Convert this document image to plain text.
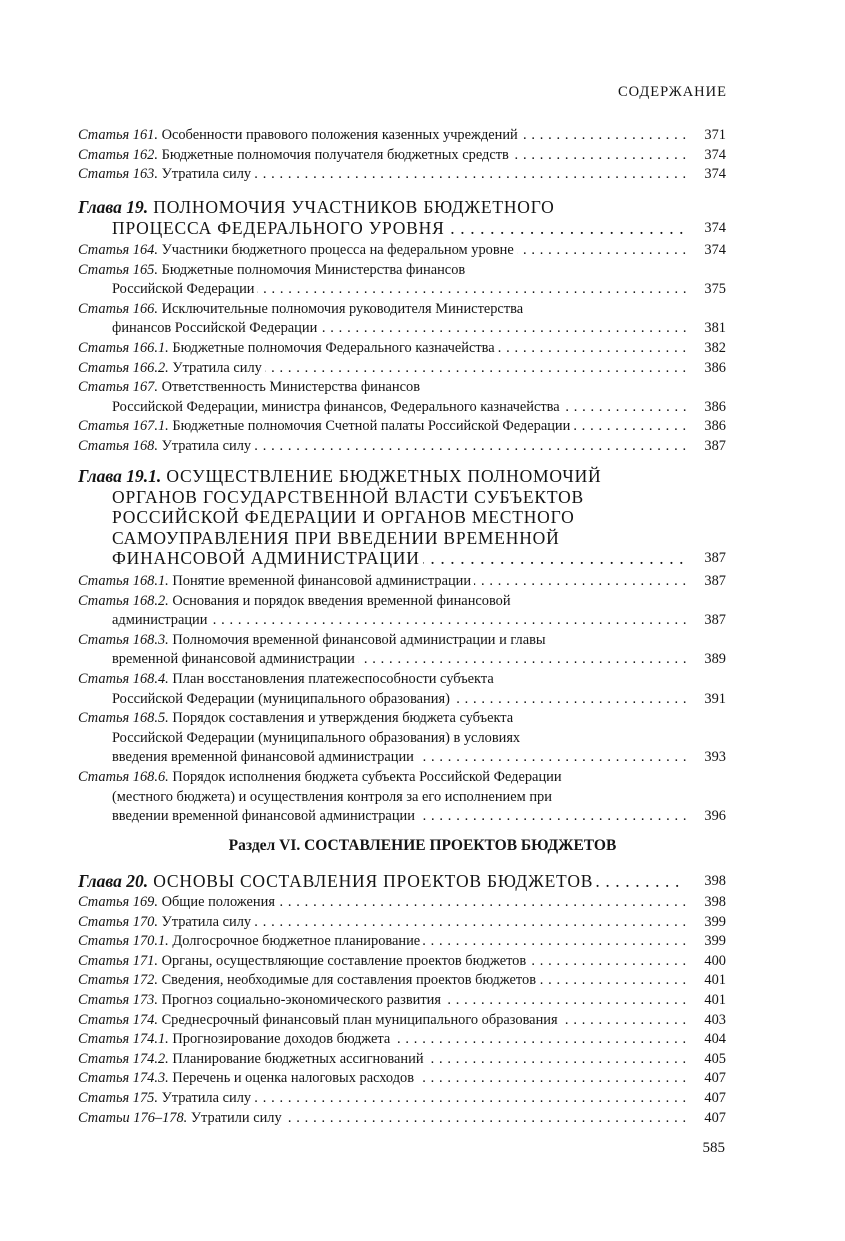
СОДЕРЖАНИЕ
Статья 161. Особенности правового положения казенных учреждений . . .	371
Статья 162. Бюджетные полномочия получателя бюджетных средств . . .	374
Статья 163. Утратила силу . . .	374
Глава 19. ПОЛНОМОЧИЯ УЧАСТНИКОВ БЮДЖЕТНОГО
ПРОЦЕССА ФЕДЕРАЛЬНОГО УРОВНЯ . . .	374
Статья 164. Участники бюджетного процесса на федеральном уровне . . .	374
Статья 165. Бюджетные полномочия Министерства финансов
Российской Федерации . . .	375
Статья 166. Исключительные полномочия руководителя Министерства
финансов Российской Федерации . . .	381
Статья 166.1. Бюджетные полномочия Федерального казначейства . . .	382
Статья 166.2. Утратила силу . . .	386
Статья 167. Ответственность Министерства финансов
Российской Федерации, министра финансов, Федерального казначейства . . .	386
Статья 167.1. Бюджетные полномочия Счетной палаты Российской Федерации . . .	386
Статья 168. Утратила силу . . .	387
Глава 19.1. ОСУЩЕСТВЛЕНИЕ БЮДЖЕТНЫХ ПОЛНОМОЧИЙ
ОРГАНОВ ГОСУДАРСТВЕННОЙ ВЛАСТИ СУБЪЕКТОВ
РОССИЙСКОЙ ФЕДЕРАЦИИ И ОРГАНОВ МЕСТНОГО
САМОУПРАВЛЕНИЯ ПРИ ВВЕДЕНИИ ВРЕМЕННОЙ
ФИНАНСОВОЙ АДМИНИСТРАЦИИ . . .	387
Статья 168.1. Понятие временной финансовой администрации . . .	387
Статья 168.2. Основания и порядок введения временной финансовой
администрации . . .	387
Статья 168.3. Полномочия временной финансовой администрации и главы
временной финансовой администрации . . .	389
Статья 168.4. План восстановления платежеспособности субъекта
Российской Федерации (муниципального образования) . . .	391
Статья 168.5. Порядок составления и утверждения бюджета субъекта
Российской Федерации (муниципального образования) в условиях
введения временной финансовой администрации . . .	393
Статья 168.6. Порядок исполнения бюджета субъекта Российской Федерации
(местного бюджета) и осуществления контроля за его исполнением при
введении временной финансовой администрации . . .	396
Раздел VI. СОСТАВЛЕНИЕ ПРОЕКТОВ БЮДЖЕТОВ
Глава 20. ОСНОВЫ СОСТАВЛЕНИЯ ПРОЕКТОВ БЮДЖЕТОВ . . .	398
Статья 169. Общие положения . . .	398
Статья 170. Утратила силу . . .	399
Статья 170.1. Долгосрочное бюджетное планирование . . .	399
Статья 171. Органы, осуществляющие составление проектов бюджетов . . .	400
Статья 172. Сведения, необходимые для составления проектов бюджетов . . .	401
Статья 173. Прогноз социально-экономического развития . . .	401
Статья 174. Среднесрочный финансовый план муниципального образования . . .	403
Статья 174.1. Прогнозирование доходов бюджета . . .	404
Статья 174.2. Планирование бюджетных ассигнований . . .	405
Статья 174.3. Перечень и оценка налоговых расходов . . .	407
Статья 175. Утратила силу . . .	407
Статьи 176–178. Утратили силу . . .	407
585
